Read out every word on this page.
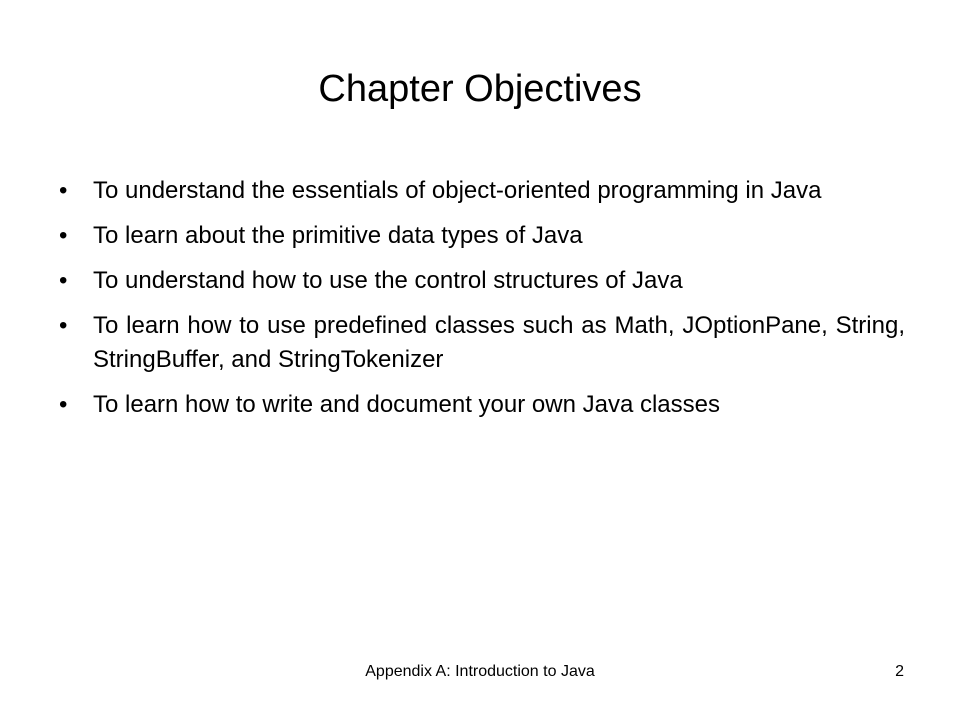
Chapter Objectives
• To understand the essentials of object-oriented programming in Java
• To learn about the primitive data types of Java
• To understand how to use the control structures of Java
• To learn how to use predefined classes such as Math, JOptionPane, String, StringBuffer, and StringTokenizer
• To learn how to write and document your own Java classes
Appendix A: Introduction to Java	2
